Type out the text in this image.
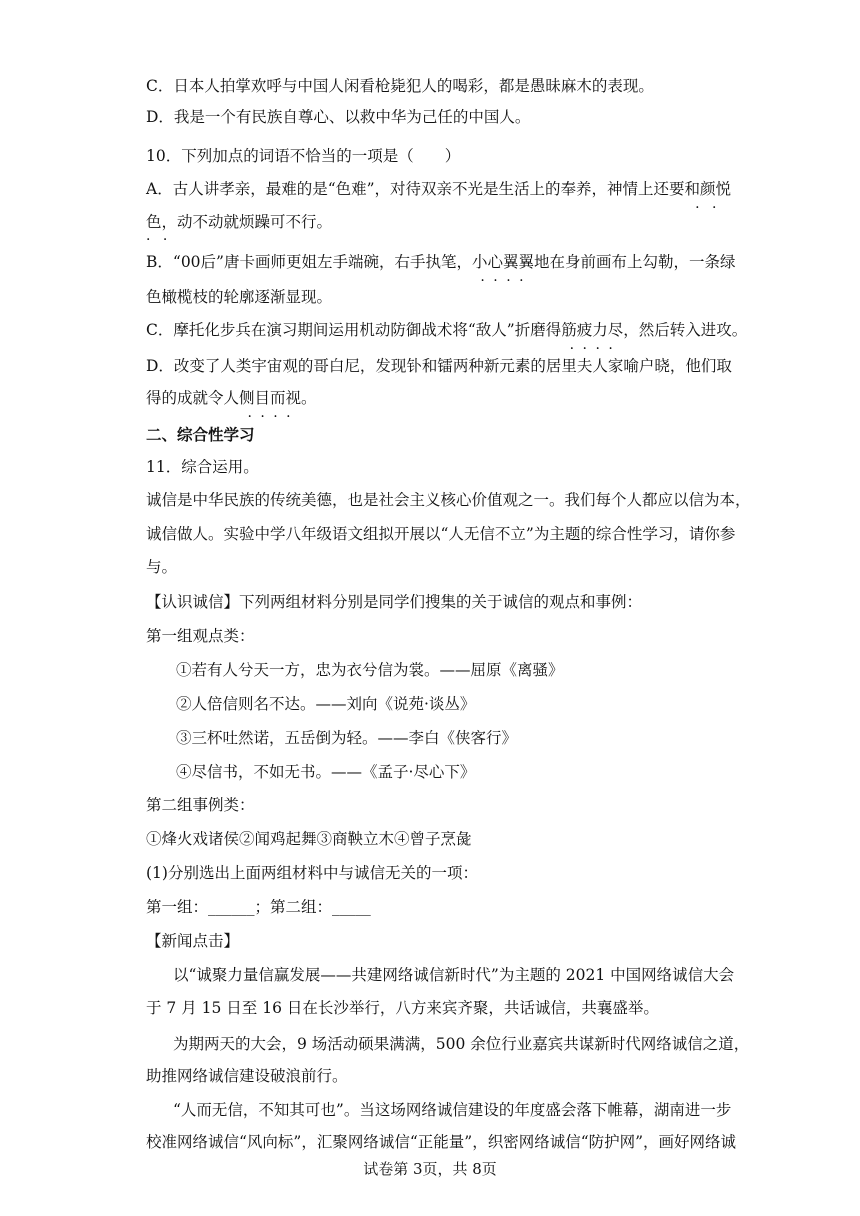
C．日本人拍掌欢呼与中国人闲看枪毙犯人的喝彩，都是愚昧麻木的表现。
D．我是一个有民族自尊心、以救中华为己任的中国人。
10．下列加点的词语不恰当的一项是（　　）
A．古人讲孝亲，最难的是“色难”，对待双亲不光是生活上的奉养，神情上还要和颜悦 · ·
色 · ·，动不动就烦躁可不行。
B．“00后”唐卡画师更姐左手端碗，右手执笔，小心翼翼 · · · ·地在身前画布上勾勒，一条绿
色橄榄枝的轮廓逐渐显现。
C．摩托化步兵在演习期间运用机动防御战术将“敌人”折磨得筋疲力尽 · · · ·，然后转入进攻。
D．改变了人类宇宙观的哥白尼，发现钋和镭两种新元素的居里夫人家喻户晓，他们取
得的成就令人侧目而视 · · · ·。
二、综合性学习
11．综合运用。
诚信是中华民族的传统美德，也是社会主义核心价值观之一。我们每个人都应以信为本，
诚信做人。实验中学八年级语文组拟开展以“人无信不立”为主题的综合性学习，请你参
与。
【认识诚信】下列两组材料分别是同学们搜集的关于诚信的观点和事例：
第一组观点类：
①若有人兮天一方，忠为衣兮信为裳。——屈原《离骚》
②人倍信则名不达。——刘向《说苑·谈丛》
③三杯吐然诺，五岳倒为轻。——李白《侠客行》
④尽信书，不如无书。——《孟子·尽心下》
第二组事例类：
①烽火戏诸侯②闻鸡起舞③商鞅立木④曾子烹彘
(1)分别选出上面两组材料中与诚信无关的一项：
第一组：______；第二组：_____
【新闻点击】
以“诚聚力量信赢发展——共建网络诚信新时代”为主题的 2021 中国网络诚信大会
于 7 月 15 日至 16 日在长沙举行，八方来宾齐聚，共话诚信，共襄盛举。
为期两天的大会，9 场活动硕果满满，500 余位行业嘉宾共谋新时代网络诚信之道，
助推网络诚信建设破浪前行。
“人而无信，不知其可也”。当这场网络诚信建设的年度盛会落下帷幕，湖南进一步
校准网络诚信“风向标”，汇聚网络诚信“正能量”，织密网络诚信“防护网”，画好网络诚
试卷第 3页，共 8页
